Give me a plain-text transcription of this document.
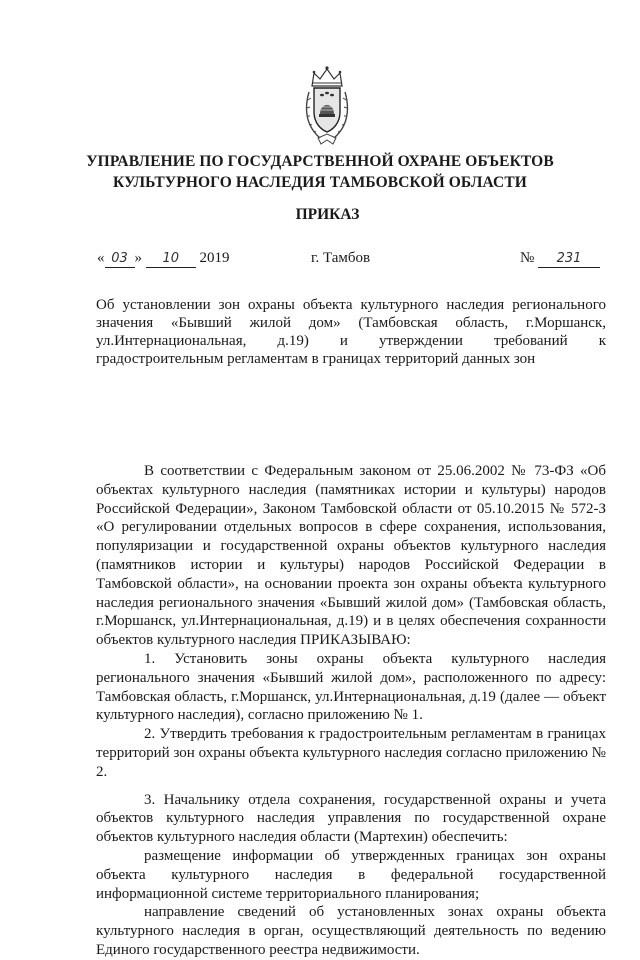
УПРАВЛЕНИЕ ПО ГОСУДАРСТВЕННОЙ ОХРАНЕ ОБЪЕКТОВ
КУЛЬТУРНОГО НАСЛЕДИЯ ТАМБОВСКОЙ ОБЛАСТИ
ПРИКАЗ
« 03 » 10 2019	г. Тамбов	№ 231

Об установлении зон охраны объекта культурного наследия регионального

значения «Бывший жилой дом» (Тамбовская область, г.Моршанск,

ул.Интернациональная, д.19) и утверждении требований к

градостроительным регламентам в границах территорий данных зон

В соответствии с Федеральным законом от 25.06.2002 № 73-ФЗ «Об объектах культурного наследия (памятниках истории и культуры) народов Российской Федерации», Законом Тамбовской области от 05.10.2015 № 572-З «О регулировании отдельных вопросов в сфере сохранения, использования, популяризации и государственной охраны объектов культурного наследия (памятников истории и культуры) народов Российской Федерации в Тамбовской области», на основании проекта зон охраны объекта культурного наследия регионального значения «Бывший жилой дом» (Тамбовская область, г.Моршанск, ул.Интернациональная, д.19) и в целях обеспечения сохранности объектов культурного наследия ПРИКАЗЫВАЮ:

1. Установить зоны охраны объекта культурного наследия регионального значения «Бывший жилой дом», расположенного по адресу: Тамбовская область, г.Моршанск, ул.Интернациональная, д.19 (далее — объект культурного наследия), согласно приложению № 1.

2. Утвердить требования к градостроительным регламентам в границах территорий зон охраны объекта культурного наследия согласно приложению № 2.

3. Начальнику отдела сохранения, государственной охраны и учета объектов культурного наследия управления по государственной охране объектов культурного наследия области (Мартехин) обеспечить:

размещение информации об утвержденных границах зон охраны объекта культурного наследия в федеральной государственной информационной системе территориального планирования;

направление сведений об установленных зонах охраны объекта культурного наследия в орган, осуществляющий деятельность по ведению Единого государственного реестра недвижимости.
